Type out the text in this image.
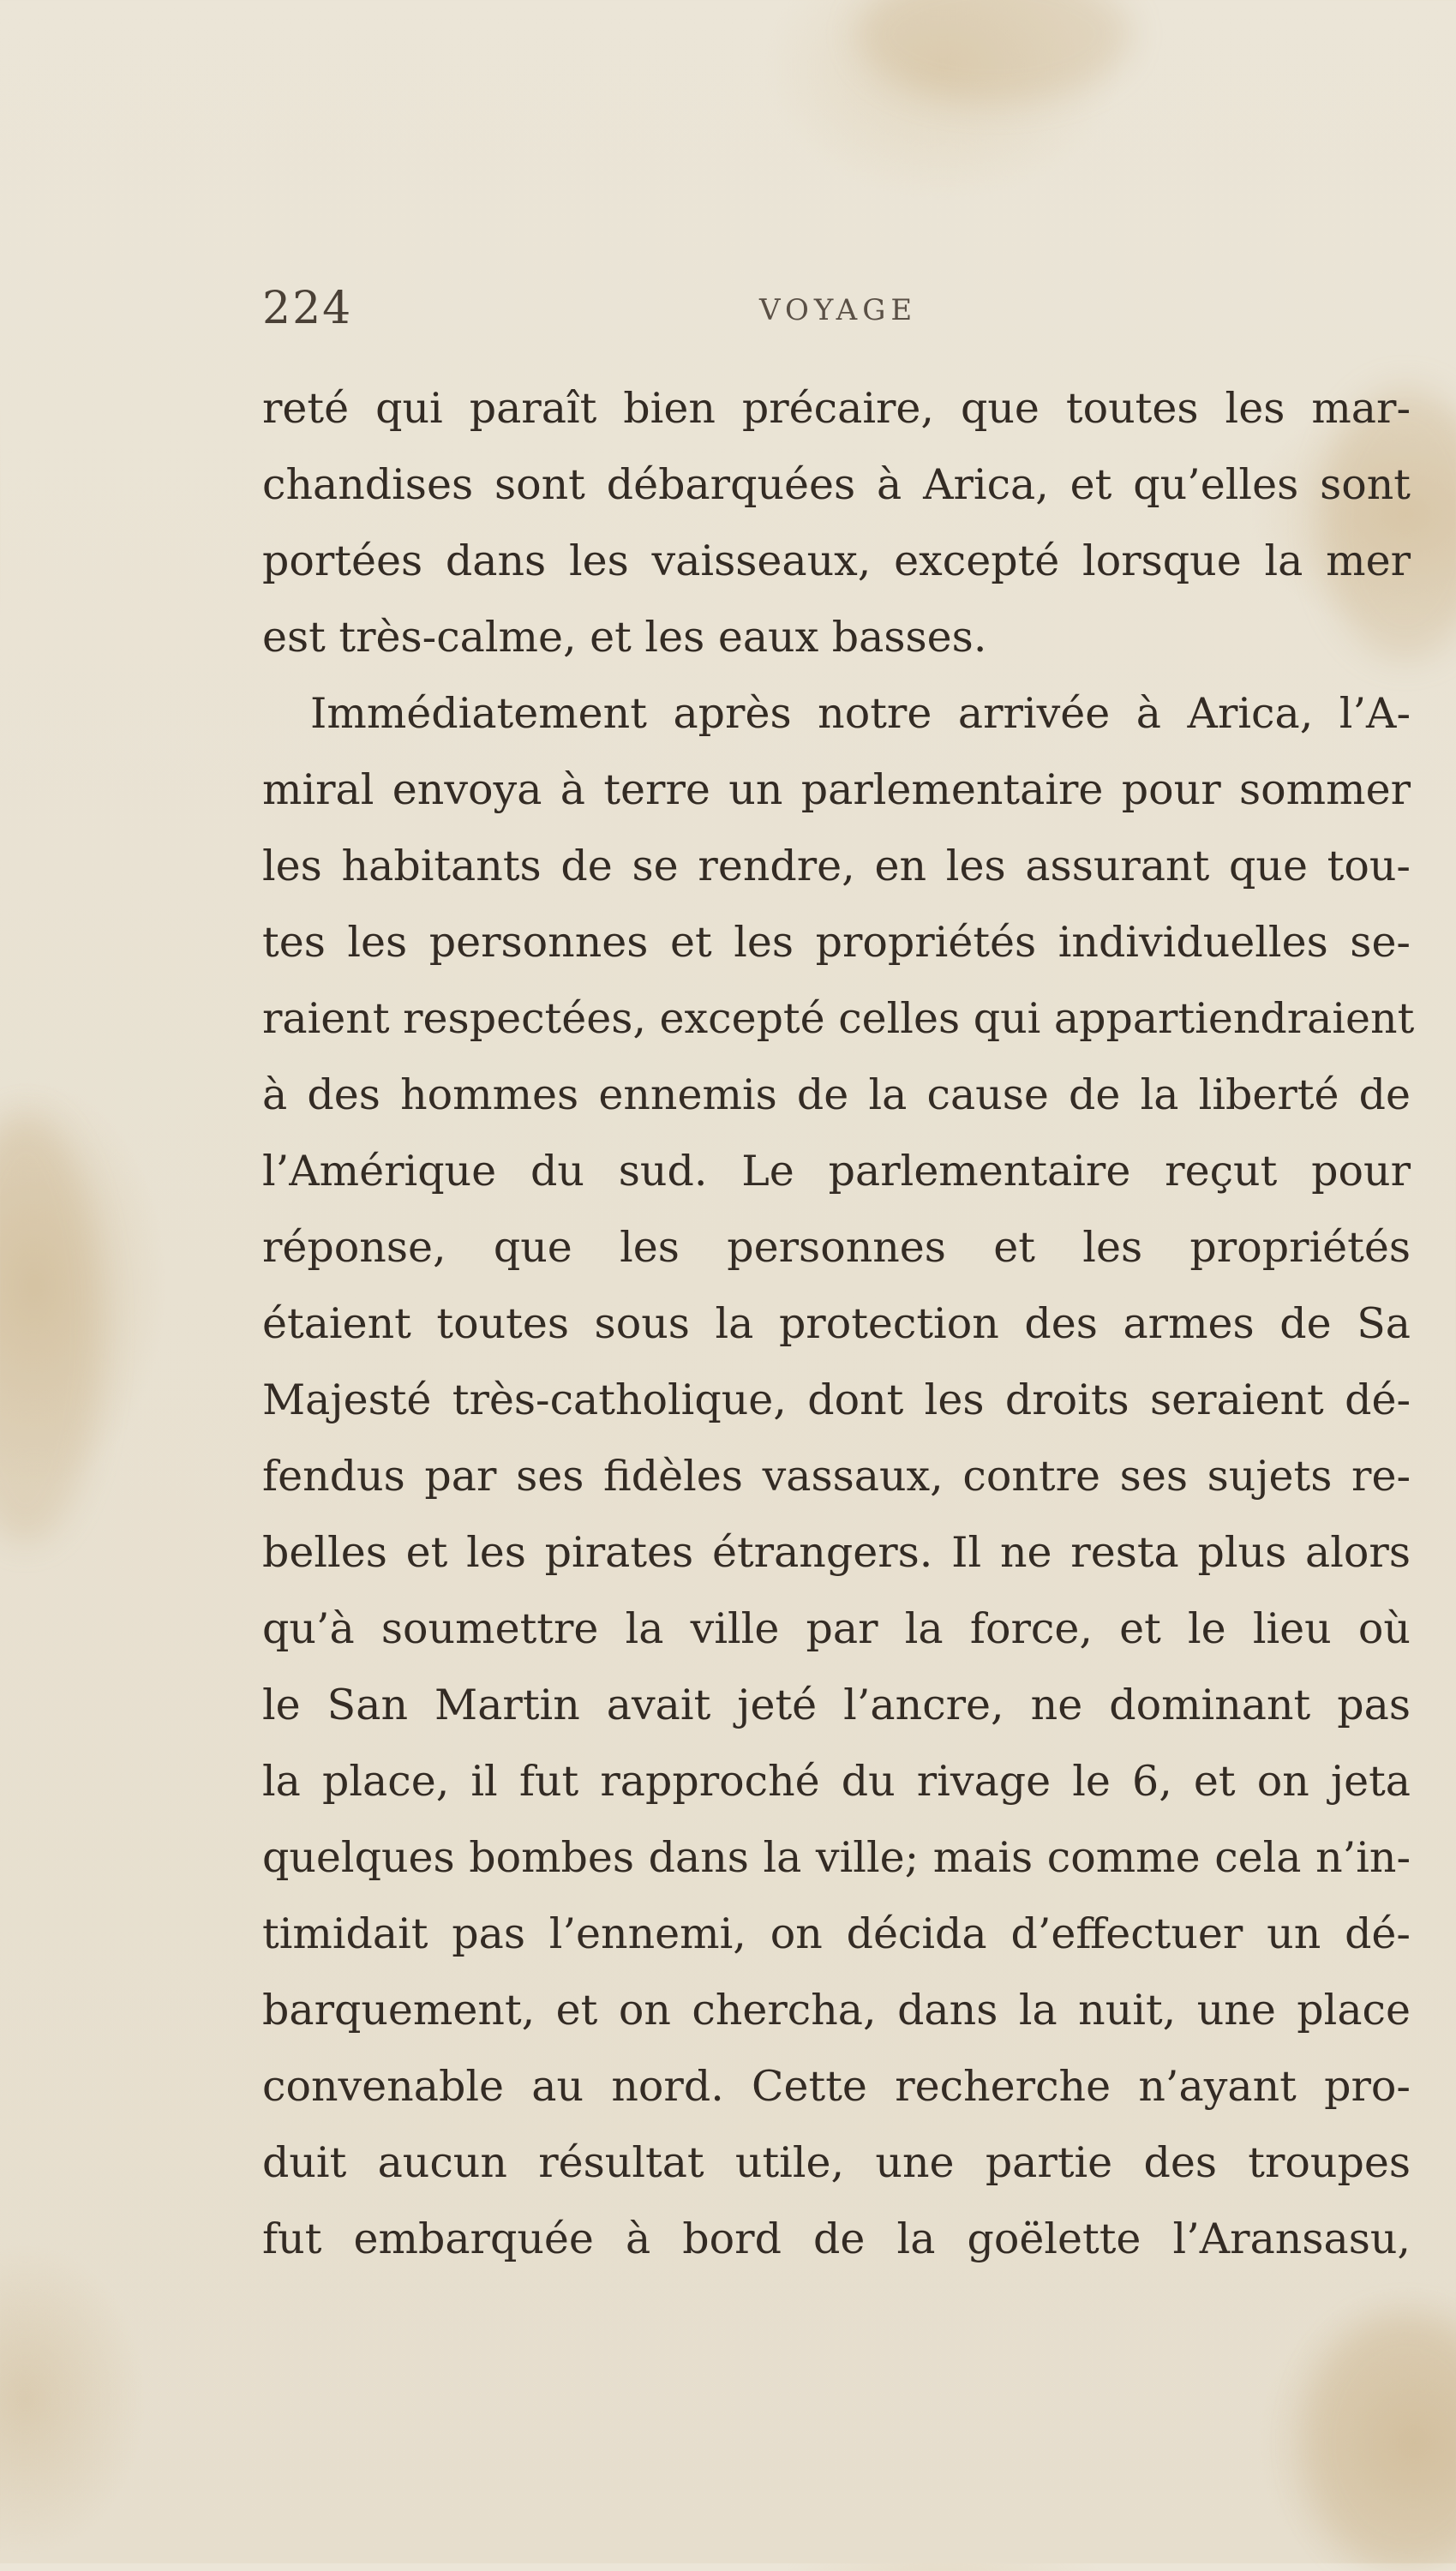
224	VOYAGE
reté qui paraît bien précaire, que toutes les mar-
chandises sont débarquées à Arica, et qu’elles sont
portées dans les vaisseaux, excepté lorsque la mer
est très-calme, et les eaux basses.
Immédiatement après notre arrivée à Arica, l’A-
miral envoya à terre un parlementaire pour sommer
les habitants de se rendre, en les assurant que tou-
tes les personnes et les propriétés individuelles se-
raient respectées, excepté celles qui appartiendraient
à des hommes ennemis de la cause de la liberté de
l’Amérique du sud. Le parlementaire reçut pour
réponse, que les personnes et les propriétés
étaient toutes sous la protection des armes de Sa
Majesté très-catholique, dont les droits seraient dé-
fendus par ses fidèles vassaux, contre ses sujets re-
belles et les pirates étrangers. Il ne resta plus alors
qu’à soumettre la ville par la force, et le lieu où
le San Martin avait jeté l’ancre, ne dominant pas
la place, il fut rapproché du rivage le 6, et on jeta
quelques bombes dans la ville; mais comme cela n’in-
timidait pas l’ennemi, on décida d’effectuer un dé-
barquement, et on chercha, dans la nuit, une place
convenable au nord. Cette recherche n’ayant pro-
duit aucun résultat utile, une partie des troupes
fut embarquée à bord de la goëlette l’Aransasu,
